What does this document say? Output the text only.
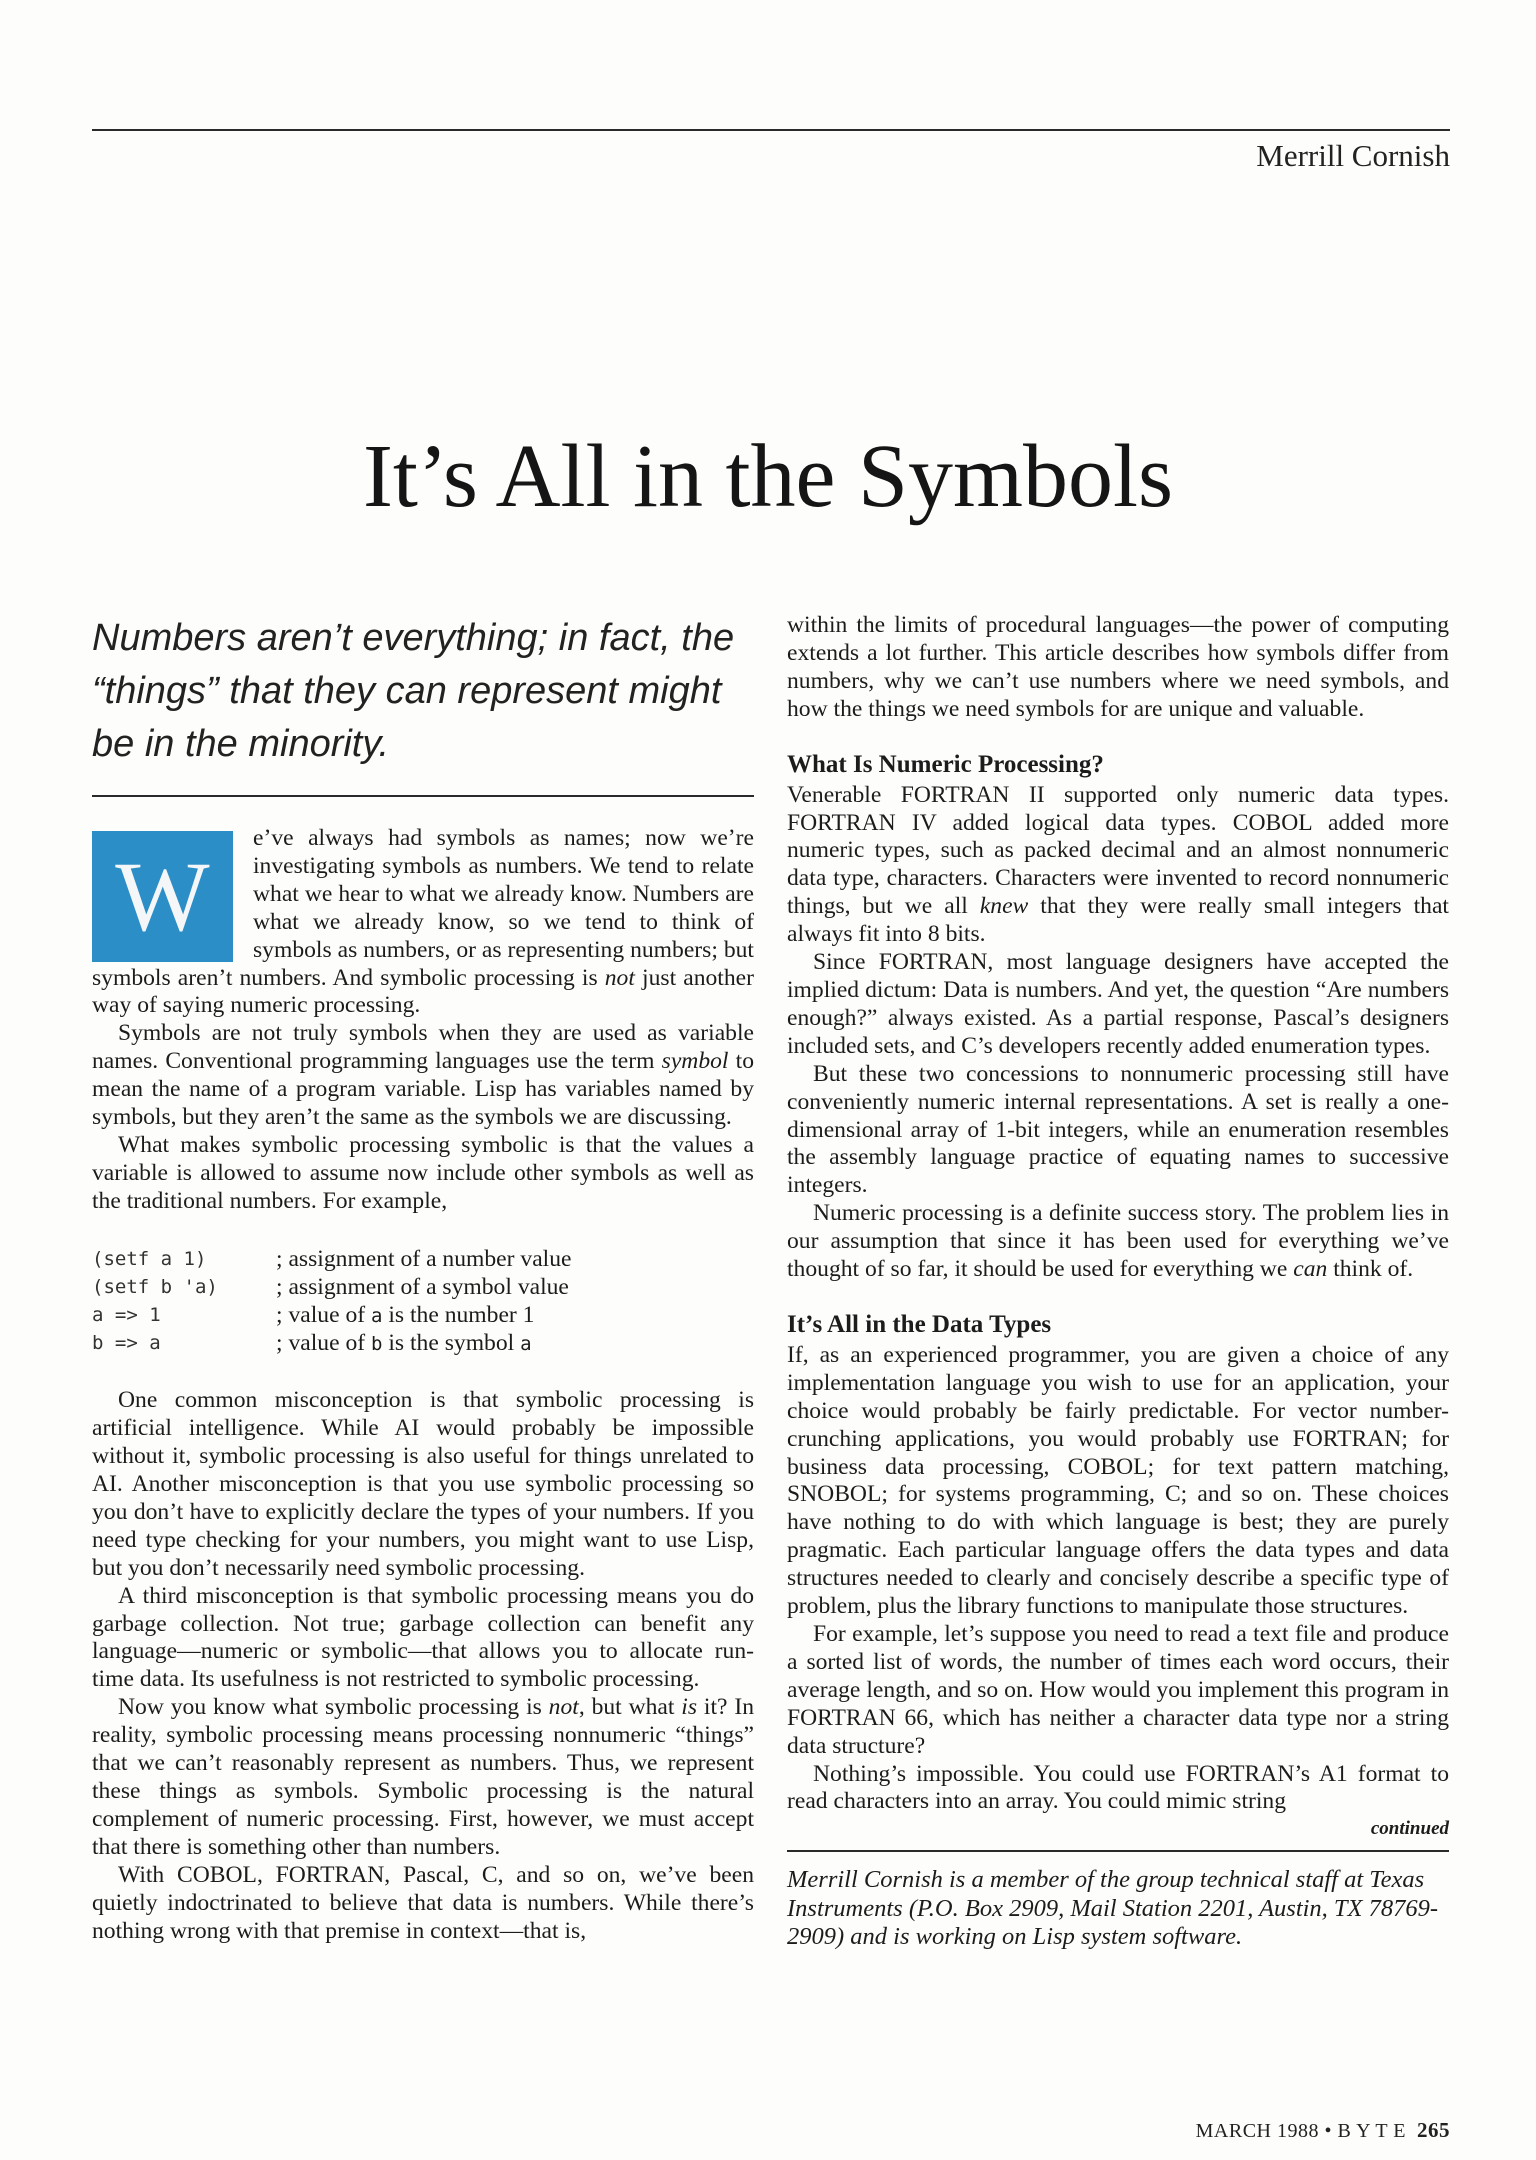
Merrill Cornish
It’s All in the Symbols
Numbers aren’t everything; in fact, the “things” that they can represent might be in the minority.

W
e’ve always had symbols as names; now we’re investigating symbols as numbers. We tend to relate what we hear to what we already know. Numbers are what we already know, so we tend to think of symbols as numbers, or as representing numbers; but symbols aren’t numbers. And symbolic processing is not just another way of saying numeric processing.

Symbols are not truly symbols when they are used as variable names. Conventional programming languages use the term symbol to mean the name of a program variable. Lisp has variables named by symbols, but they aren’t the same as the symbols we are discussing.

What makes symbolic processing symbolic is that the values a variable is allowed to assume now include other symbols as well as the traditional numbers. For example,

(setf a 1)	; assignment of a number value
(setf b 'a)	; assignment of a symbol value
a => 1	; value of a is the number 1
b => a	; value of b is the symbol a

One common misconception is that symbolic processing is artificial intelligence. While AI would probably be impossible without it, symbolic processing is also useful for things unrelated to AI. Another misconception is that you use symbolic processing so you don’t have to explicitly declare the types of your numbers. If you need type checking for your numbers, you might want to use Lisp, but you don’t necessarily need symbolic processing.

A third misconception is that symbolic processing means you do garbage collection. Not true; garbage collection can benefit any language—numeric or symbolic—that allows you to allocate run-time data. Its usefulness is not restricted to symbolic processing.

Now you know what symbolic processing is not, but what is it? In reality, symbolic processing means processing nonnumeric “things” that we can’t reasonably represent as numbers. Thus, we represent these things as symbols. Symbolic processing is the natural complement of numeric processing. First, however, we must accept that there is something other than numbers.

With COBOL, FORTRAN, Pascal, C, and so on, we’ve been quietly indoctrinated to believe that data is numbers. While there’s nothing wrong with that premise in context—that is,

within the limits of procedural languages—the power of computing extends a lot further. This article describes how symbols differ from numbers, why we can’t use numbers where we need symbols, and how the things we need symbols for are unique and valuable.

What Is Numeric Processing?

Venerable FORTRAN II supported only numeric data types. FORTRAN IV added logical data types. COBOL added more numeric types, such as packed decimal and an almost nonnumeric data type, characters. Characters were invented to record nonnumeric things, but we all knew that they were really small integers that always fit into 8 bits.

Since FORTRAN, most language designers have accepted the implied dictum: Data is numbers. And yet, the question “Are numbers enough?” always existed. As a partial response, Pascal’s designers included sets, and C’s developers recently added enumeration types.

But these two concessions to nonnumeric processing still have conveniently numeric internal representations. A set is really a one-dimensional array of 1-bit integers, while an enumeration resembles the assembly language practice of equating names to successive integers.

Numeric processing is a definite success story. The problem lies in our assumption that since it has been used for everything we’ve thought of so far, it should be used for everything we can think of.

It’s All in the Data Types

If, as an experienced programmer, you are given a choice of any implementation language you wish to use for an application, your choice would probably be fairly predictable. For vector number-crunching applications, you would probably use FORTRAN; for business data processing, COBOL; for text pattern matching, SNOBOL; for systems programming, C; and so on. These choices have nothing to do with which language is best; they are purely pragmatic. Each particular language offers the data types and data structures needed to clearly and concisely describe a specific type of problem, plus the library functions to manipulate those structures.

For example, let’s suppose you need to read a text file and produce a sorted list of words, the number of times each word occurs, their average length, and so on. How would you implement this program in FORTRAN 66, which has neither a character data type nor a string data structure?

Nothing’s impossible. You could use FORTRAN’s A1 format to read characters into an array. You could mimic string

continued

Merrill Cornish is a member of the group technical staff at Texas Instruments (P.O. Box 2909, Mail Station 2201, Austin, TX 78769-2909) and is working on Lisp system software.

MARCH 1988 • B Y T E 265
